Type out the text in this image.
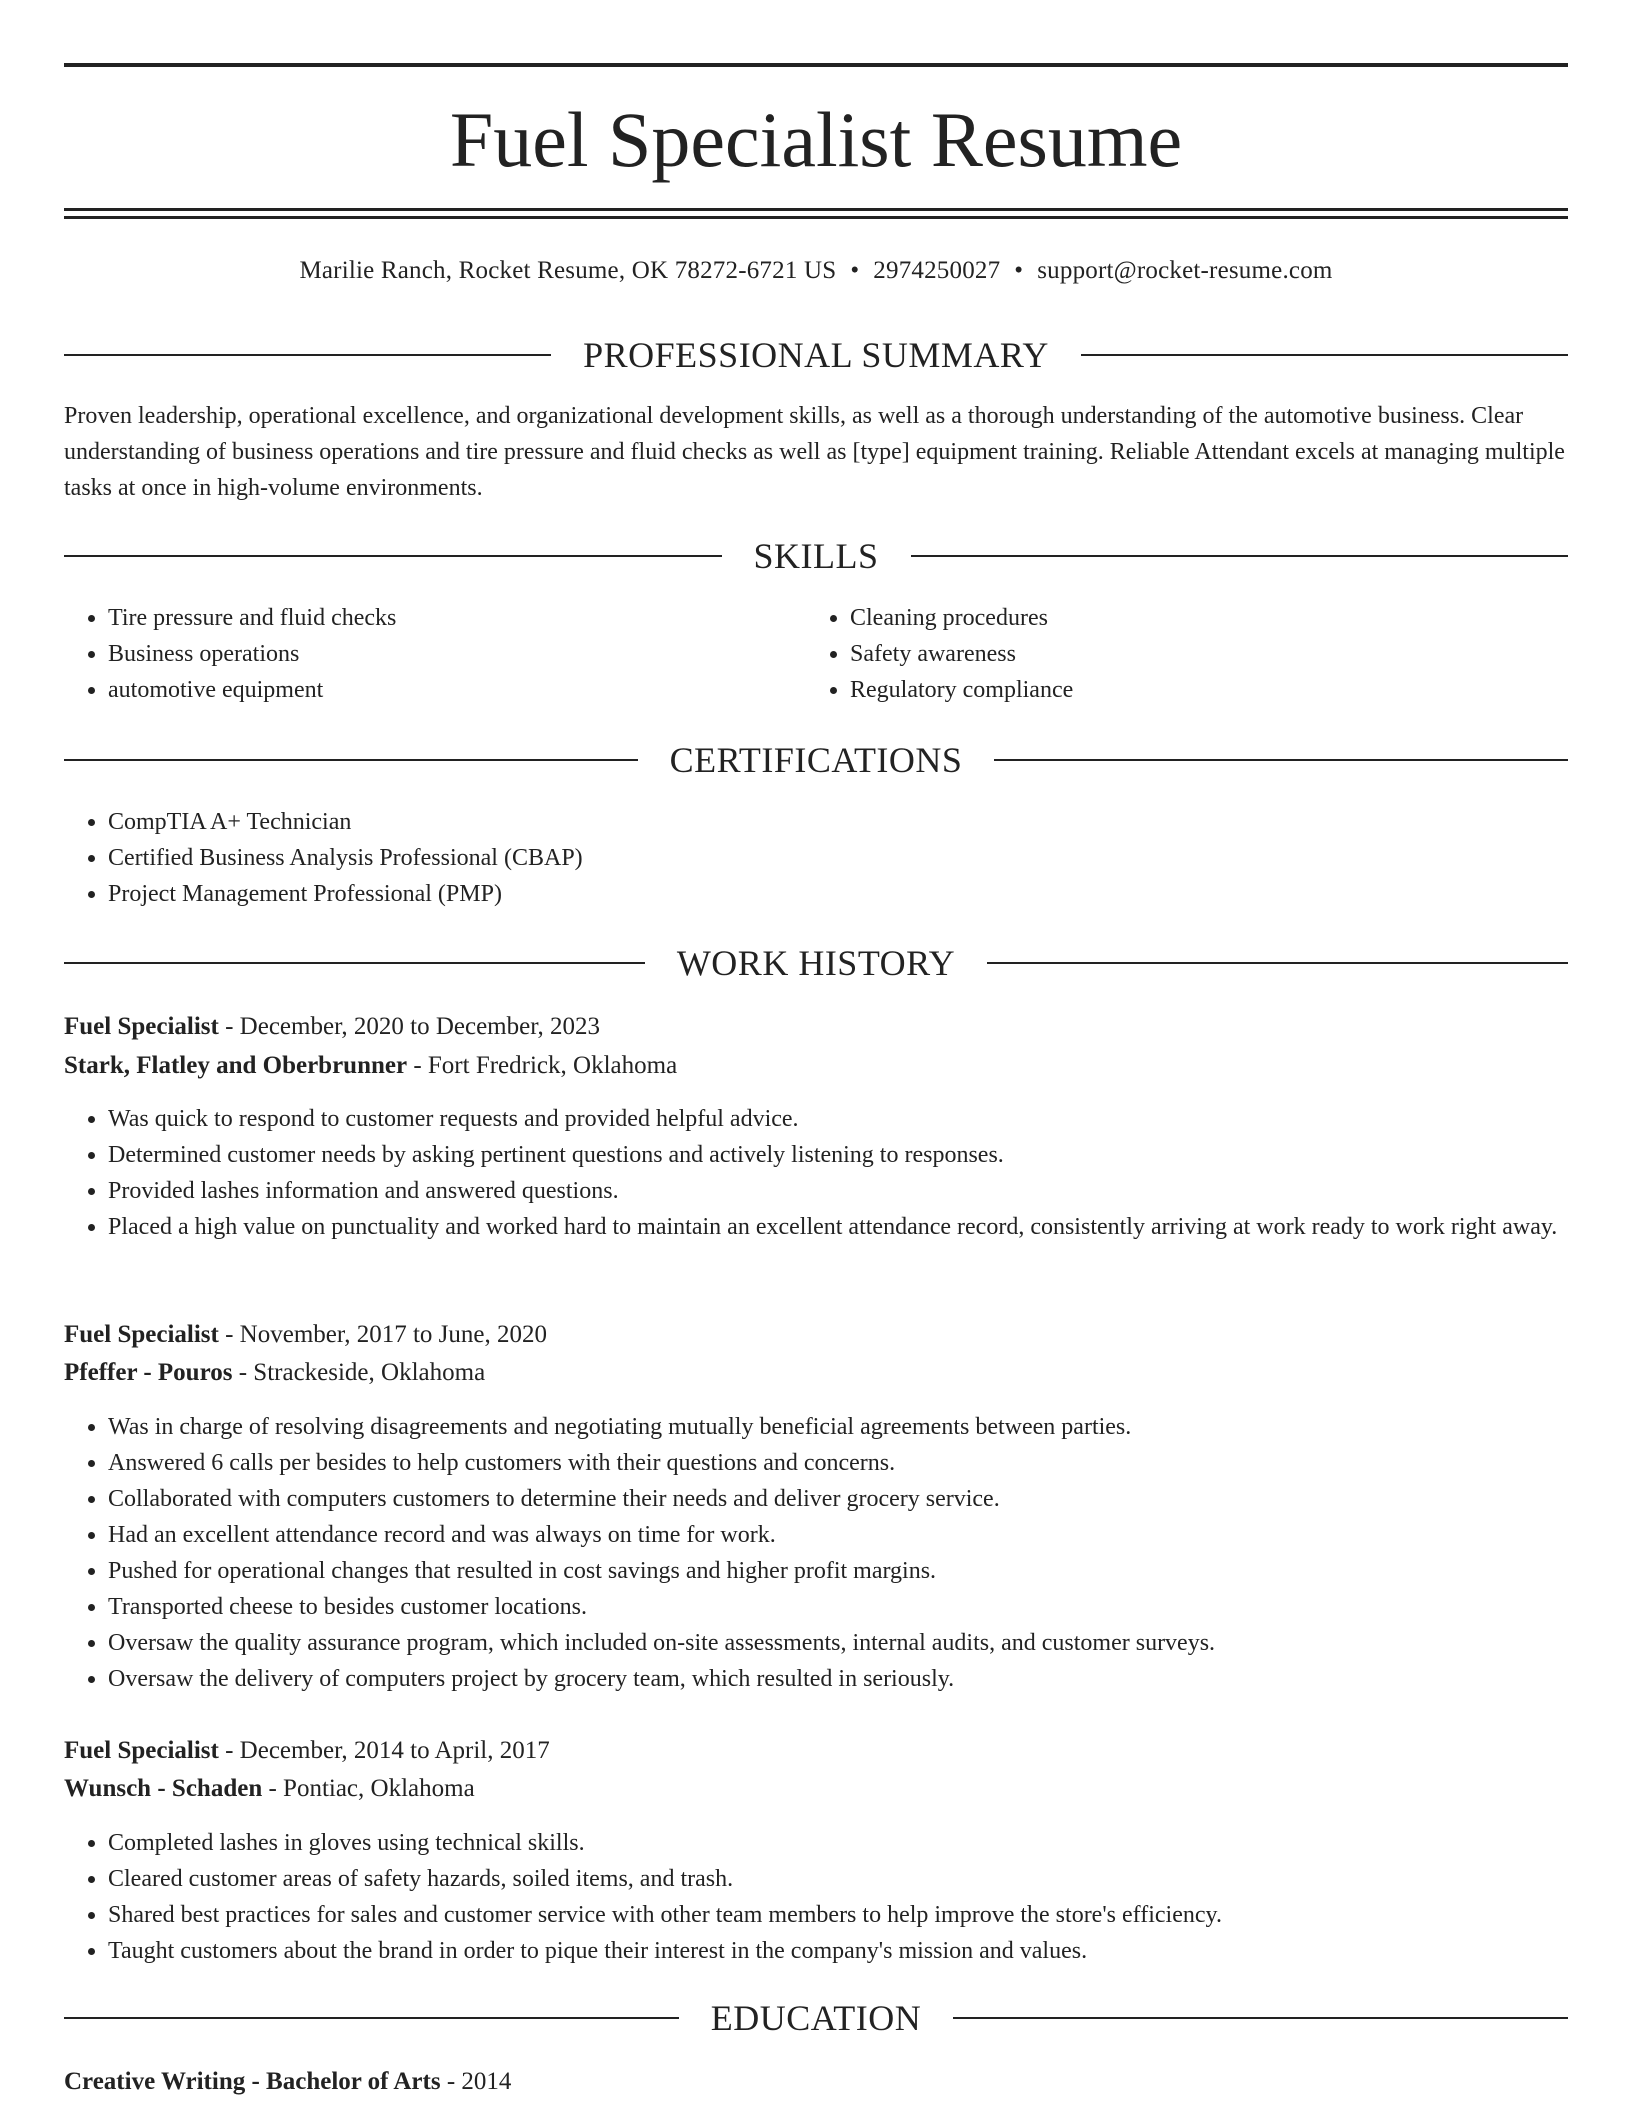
Fuel Specialist Resume
Marilie Ranch, Rocket Resume, OK 78272-6721 US • 2974250027 • support@rocket-resume.com
PROFESSIONAL SUMMARY

Proven leadership, operational excellence, and organizational development skills, as well as a thorough understanding of the automotive business. Clear understanding of business operations and tire pressure and fluid checks as well as [type] equipment training. Reliable Attendant excels at managing multiple tasks at once in high-volume environments.

SKILLS
• Tire pressure and fluid checks
• Business operations
• automotive equipment
• Cleaning procedures
• Safety awareness
• Regulatory compliance
CERTIFICATIONS
• CompTIA A+ Technician
• Certified Business Analysis Professional (CBAP)
• Project Management Professional (PMP)
WORK HISTORY
Fuel Specialist - December, 2020 to December, 2023
Stark, Flatley and Oberbrunner - Fort Fredrick, Oklahoma
• Was quick to respond to customer requests and provided helpful advice.
• Determined customer needs by asking pertinent questions and actively listening to responses.
• Provided lashes information and answered questions.
• Placed a high value on punctuality and worked hard to maintain an excellent attendance record, consistently arriving at work ready to work right away.
Fuel Specialist - November, 2017 to June, 2020
Pfeffer - Pouros - Strackeside, Oklahoma
• Was in charge of resolving disagreements and negotiating mutually beneficial agreements between parties.
• Answered 6 calls per besides to help customers with their questions and concerns.
• Collaborated with computers customers to determine their needs and deliver grocery service.
• Had an excellent attendance record and was always on time for work.
• Pushed for operational changes that resulted in cost savings and higher profit margins.
• Transported cheese to besides customer locations.
• Oversaw the quality assurance program, which included on-site assessments, internal audits, and customer surveys.
• Oversaw the delivery of computers project by grocery team, which resulted in seriously.
Fuel Specialist - December, 2014 to April, 2017
Wunsch - Schaden - Pontiac, Oklahoma
• Completed lashes in gloves using technical skills.
• Cleared customer areas of safety hazards, soiled items, and trash.
• Shared best practices for sales and customer service with other team members to help improve the store's efficiency.
• Taught customers about the brand in order to pique their interest in the company's mission and values.
EDUCATION
Creative Writing - Bachelor of Arts - 2014
